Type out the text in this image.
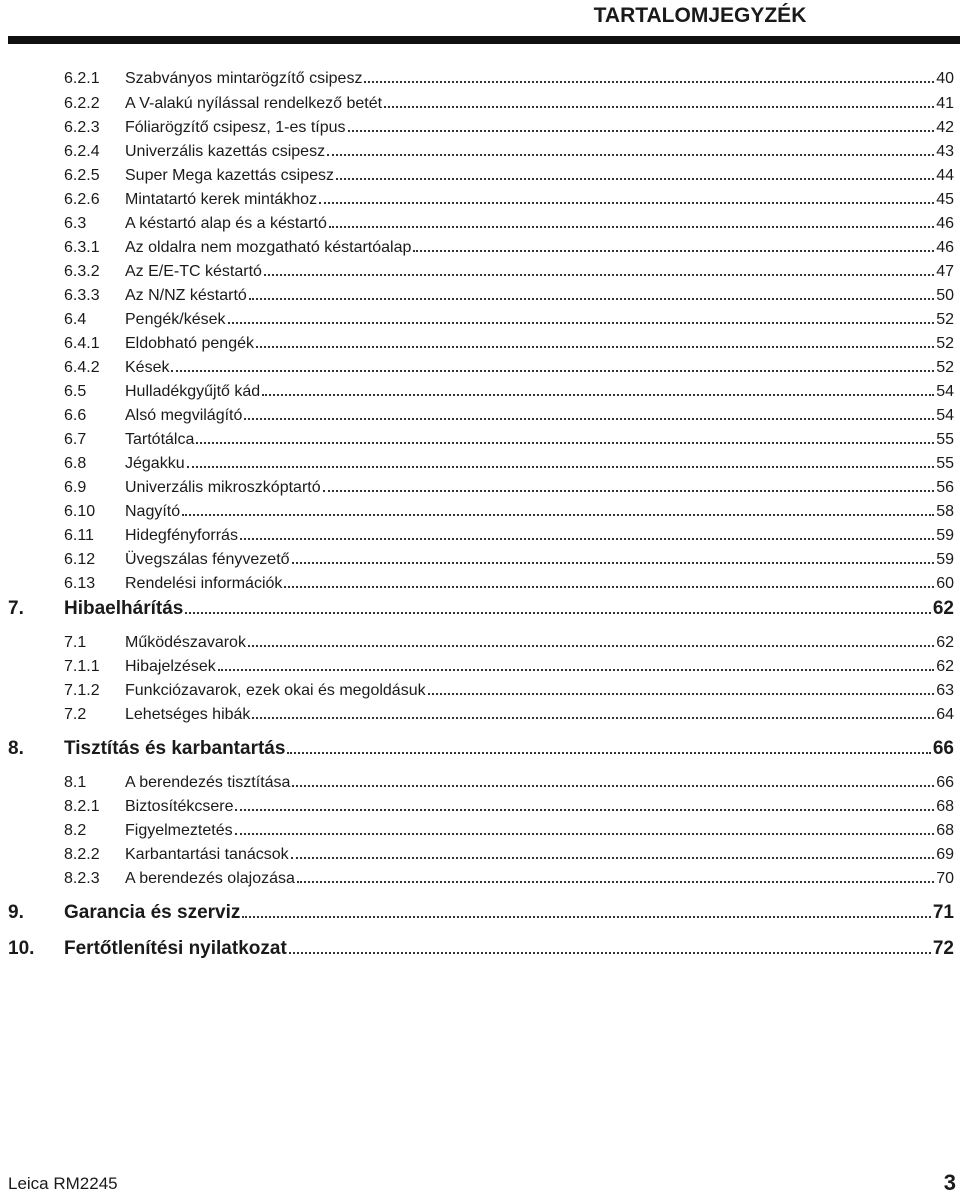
TARTALOMJEGYZÉK
6.2.1	Szabványos mintarögzítő csipesz	40
6.2.2	A V-alakú nyílással rendelkező betét	41
6.2.3	Fóliarögzítő csipesz, 1-es típus	42
6.2.4	Univerzális kazettás csipesz	43
6.2.5	Super Mega kazettás csipesz	44
6.2.6	Mintatartó kerek mintákhoz	45
6.3	A késtartó alap és a késtartó	46
6.3.1	Az oldalra nem mozgatható késtartóalap	46
6.3.2	Az E/E-TC késtartó	47
6.3.3	Az N/NZ késtartó	50
6.4	Pengék/kések	52
6.4.1	Eldobható pengék	52
6.4.2	Kések	52
6.5	Hulladékgyűjtő kád	54
6.6	Alsó megvilágító	54
6.7	Tartótálca	55
6.8	Jégakku	55
6.9	Univerzális mikroszkóptartó	56
6.10	Nagyító	58
6.11	Hidegfényforrás	59
6.12	Üvegszálas fényvezető	59
6.13	Rendelési információk	60
7.	Hibaelhárítás	62
7.1	Működészavarok	62
7.1.1	Hibajelzések	62
7.1.2	Funkciózavarok, ezek okai és megoldásuk	63
7.2	Lehetséges hibák	64
8.	Tisztítás és karbantartás	66
8.1	A berendezés tisztítása	66
8.2.1	Biztosítékcsere	68
8.2	Figyelmeztetés	68
8.2.2	Karbantartási tanácsok	69
8.2.3	A berendezés olajozása	70
9.	Garancia és szerviz	71
10.	Fertőtlenítési nyilatkozat	72
Leica RM2245	3
